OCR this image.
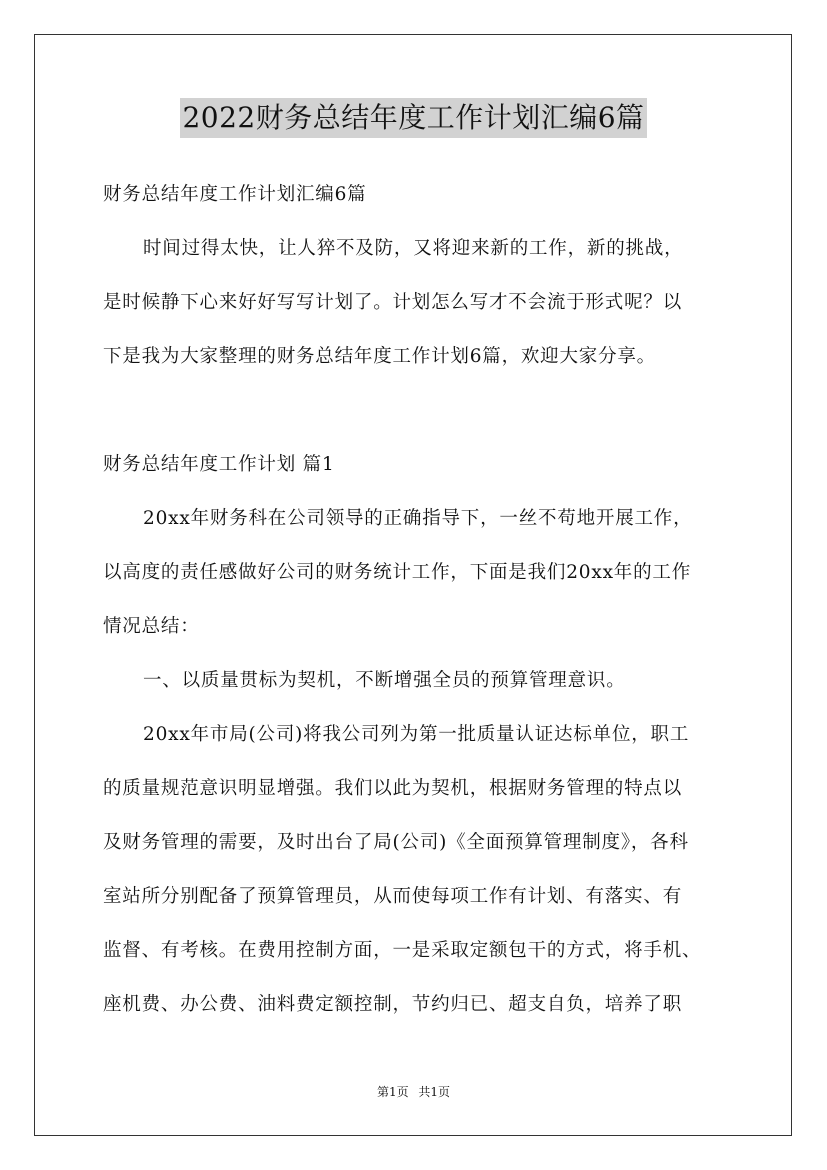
2022财务总结年度工作计划汇编6篇
财务总结年度工作计划汇编6篇
时间过得太快，让人猝不及防，又将迎来新的工作，新的挑战，
是时候静下心来好好写写计划了。计划怎么写才不会流于形式呢？以
下是我为大家整理的财务总结年度工作计划6篇，欢迎大家分享。
财务总结年度工作计划 篇1
20xx年财务科在公司领导的正确指导下，一丝不苟地开展工作，
以高度的责任感做好公司的财务统计工作，下面是我们20xx年的工作
情况总结：
一、以质量贯标为契机，不断增强全员的预算管理意识。
20xx年市局(公司)将我公司列为第一批质量认证达标单位，职工
的质量规范意识明显增强。我们以此为契机，根据财务管理的特点以
及财务管理的需要，及时出台了局(公司)《全面预算管理制度》，各科
室站所分别配备了预算管理员，从而使每项工作有计划、有落实、有
监督、有考核。在费用控制方面，一是采取定额包干的方式，将手机、
座机费、办公费、油料费定额控制，节约归已、超支自负，培养了职
第1页 共1页
